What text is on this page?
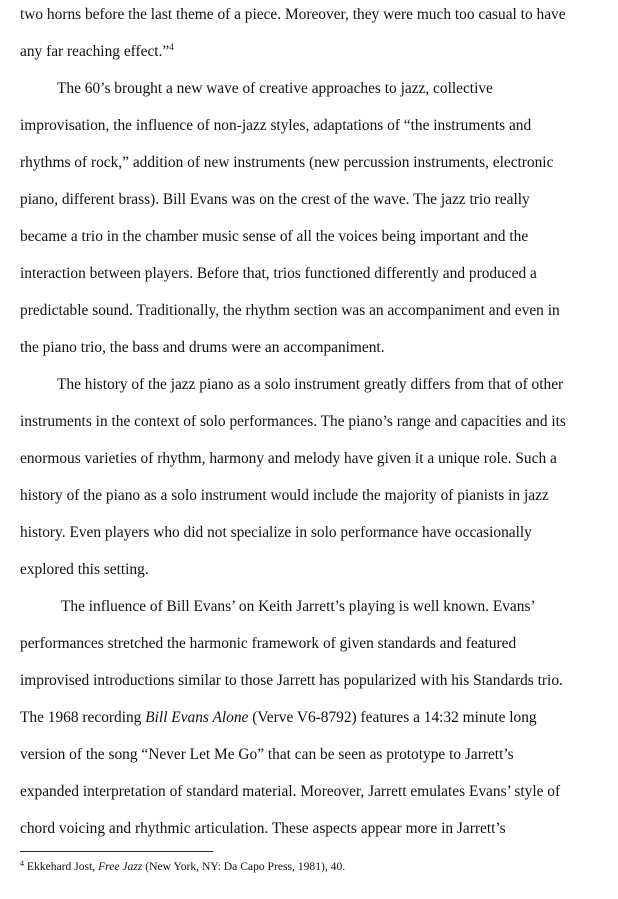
two horns before the last theme of a piece. Moreover, they were much too casual to have
any far reaching effect.”$^4$
The 60’s brought a new wave of creative approaches to jazz, collective
improvisation, the influence of non-jazz styles, adaptations of “the instruments and
rhythms of rock,” addition of new instruments (new percussion instruments, electronic
piano, different brass). Bill Evans was on the crest of the wave. The jazz trio really
became a trio in the chamber music sense of all the voices being important and the
interaction between players. Before that, trios functioned differently and produced a
predictable sound. Traditionally, the rhythm section was an accompaniment and even in
the piano trio, the bass and drums were an accompaniment.
The history of the jazz piano as a solo instrument greatly differs from that of other
instruments in the context of solo performances. The piano’s range and capacities and its
enormous varieties of rhythm, harmony and melody have given it a unique role. Such a
history of the piano as a solo instrument would include the majority of pianists in jazz
history. Even players who did not specialize in solo performance have occasionally
explored this setting.
The influence of Bill Evans’ on Keith Jarrett’s playing is well known. Evans’
performances stretched the harmonic framework of given standards and featured
improvised introductions similar to those Jarrett has popularized with his Standards trio.
The 1968 recording Bill Evans Alone (Verve V6-8792) features a 14:32 minute long
version of the song “Never Let Me Go” that can be seen as prototype to Jarrett’s
expanded interpretation of standard material. Moreover, Jarrett emulates Evans’ style of
chord voicing and rhythmic articulation. These aspects appear more in Jarrett’s
$^4$ Ekkehard Jost, Free Jazz (New York, NY: Da Capo Press, 1981), 40.
